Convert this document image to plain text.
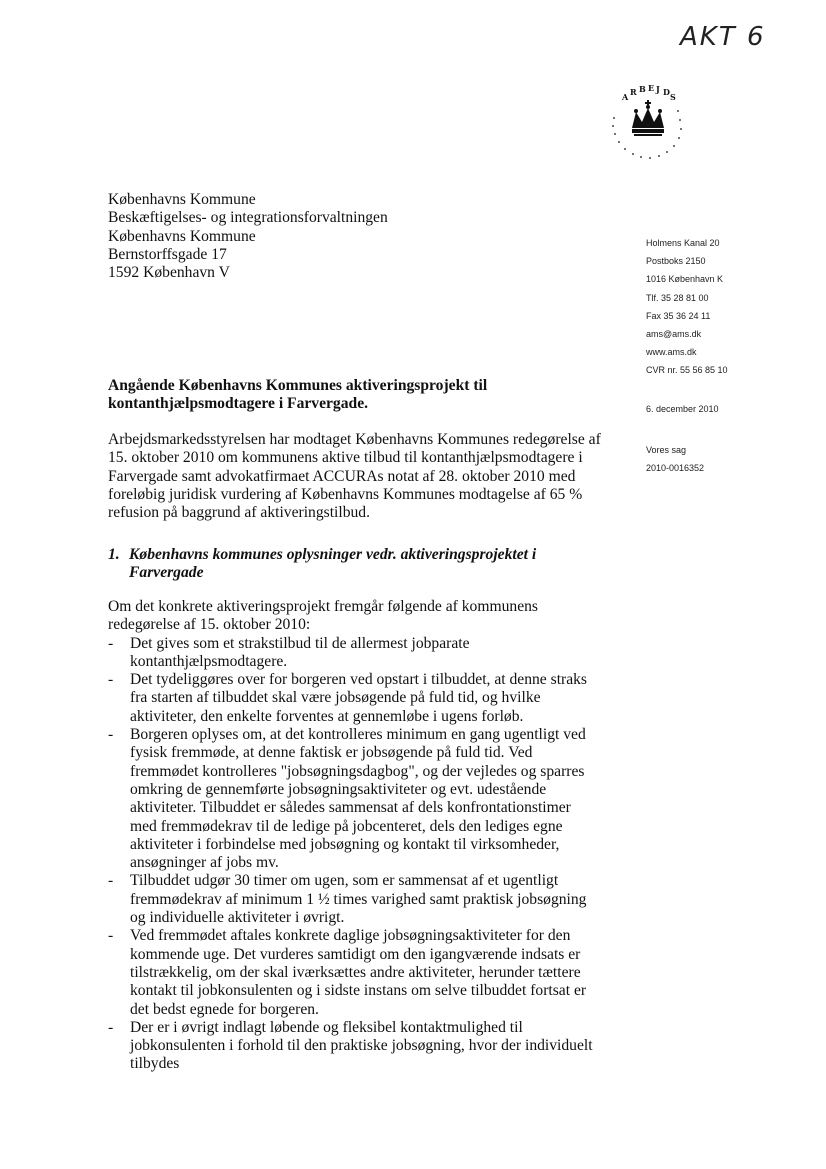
AKT 6
A R B E J D S
Københavns Kommune
Beskæftigelses- og integrationsforvaltningen
Københavns Kommune
Bernstorffsgade 17
1592 København V
Holmens Kanal 20
Postboks 2150
1016 København K
Tlf. 35 28 81 00
Fax 35 36 24 11
ams@ams.dk
www.ams.dk
CVR nr. 55 56 85 10
6. december 2010
Vores sag
2010-0016352
Angående Københavns Kommunes aktiveringsprojekt til kontanthjælpsmodtagere i Farvergade.

Arbejdsmarkedsstyrelsen har modtaget Københavns Kommunes redegørelse af 15. oktober 2010 om kommunens aktive tilbud til kontanthjælpsmodtagere i Farvergade samt advokatfirmaet ACCURAs notat af 28. oktober 2010 med foreløbig juridisk vurdering af Københavns Kommunes modtagelse af 65 % refusion på baggrund af aktiveringstilbud.

1. Københavns kommunes oplysninger vedr. aktiveringsprojektet i Farvergade

Om det konkrete aktiveringsprojekt fremgår følgende af kommunens redegørelse af 15. oktober 2010:

- Det gives som et strakstilbud til de allermest jobparate kontanthjælpsmodtagere.
- Det tydeliggøres over for borgeren ved opstart i tilbuddet, at denne straks fra starten af tilbuddet skal være jobsøgende på fuld tid, og hvilke aktiviteter, den enkelte forventes at gennemløbe i ugens forløb.
- Borgeren oplyses om, at det kontrolleres minimum en gang ugentligt ved fysisk fremmøde, at denne faktisk er jobsøgende på fuld tid. Ved fremmødet kontrolleres "jobsøgningsdagbog", og der vejledes og sparres omkring de gennemførte jobsøgningsaktiviteter og evt. udestående aktiviteter. Tilbuddet er således sammensat af dels konfrontationstimer med fremmødekrav til de ledige på jobcenteret, dels den lediges egne aktiviteter i forbindelse med jobsøgning og kontakt til virksomheder, ansøgninger af jobs mv.
- Tilbuddet udgør 30 timer om ugen, som er sammensat af et ugentligt fremmødekrav af minimum 1 ½ times varighed samt praktisk jobsøgning og individuelle aktiviteter i øvrigt.
- Ved fremmødet aftales konkrete daglige jobsøgningsaktiviteter for den kommende uge. Det vurderes samtidigt om den igangværende indsats er tilstrækkelig, om der skal iværksættes andre aktiviteter, herunder tættere kontakt til jobkonsulenten og i sidste instans om selve tilbuddet fortsat er det bedst egnede for borgeren.
- Der er i øvrigt indlagt løbende og fleksibel kontaktmulighed til jobkonsulenten i forhold til den praktiske jobsøgning, hvor der individuelt tilbydes
